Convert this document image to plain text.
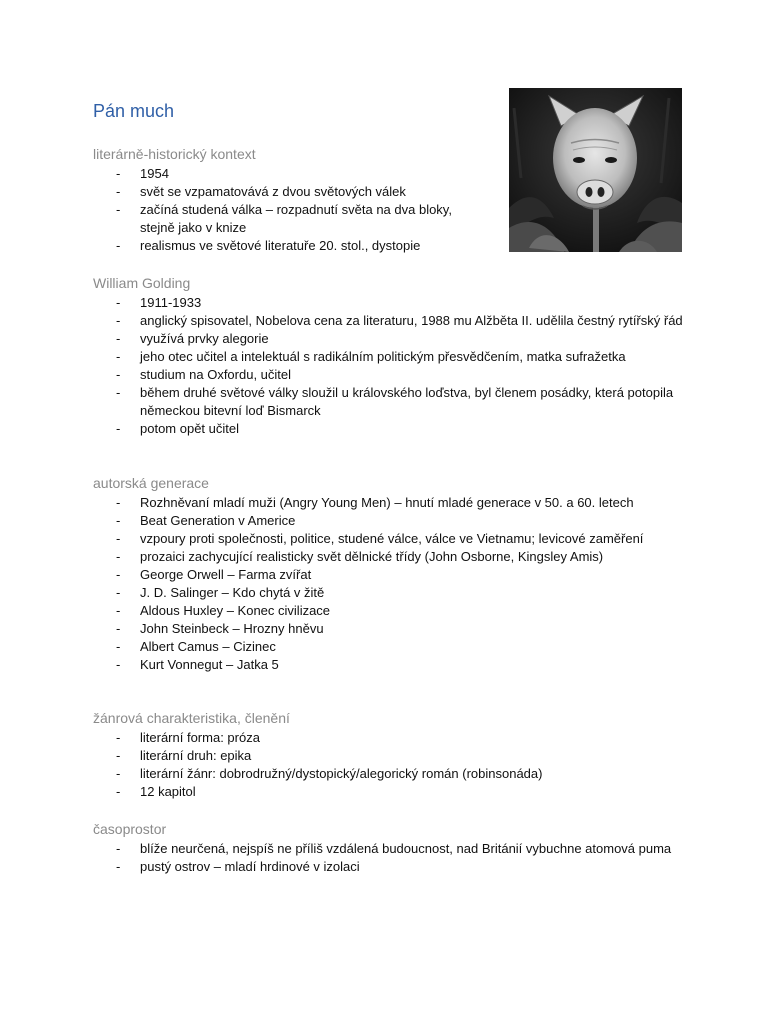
Pán much
literárně-historický kontext
- 1954
- svět se vzpamatovává z dvou světových válek
- začíná studená válka – rozpadnutí světa na dva bloky, stejně jako v knize
- realismus ve světové literatuře 20. stol., dystopie
William Golding
- 1911-1933
- anglický spisovatel, Nobelova cena za literaturu, 1988 mu Alžběta II. udělila čestný rytířský řád
- využívá prvky alegorie
- jeho otec učitel a intelektuál s radikálním politickým přesvědčením, matka sufražetka
- studium na Oxfordu, učitel
- během druhé světové války sloužil u královského loďstva, byl členem posádky, která potopila německou bitevní loď Bismarck
- potom opět učitel
autorská generace
- Rozhněvaní mladí muži (Angry Young Men) – hnutí mladé generace v 50. a 60. letech
- Beat Generation v Americe
- vzpoury proti společnosti, politice, studené válce, válce ve Vietnamu; levicové zaměření
- prozaici zachycující realisticky svět dělnické třídy (John Osborne, Kingsley Amis)
- George Orwell – Farma zvířat
- J. D. Salinger – Kdo chytá v žitě
- Aldous Huxley – Konec civilizace
- John Steinbeck – Hrozny hněvu
- Albert Camus – Cizinec
- Kurt Vonnegut – Jatka 5
žánrová charakteristika, členění
- literární forma: próza
- literární druh: epika
- literární žánr: dobrodružný/dystopický/alegorický román (robinsonáda)
- 12 kapitol
časoprostor
- blíže neurčená, nejspíš ne příliš vzdálená budoucnost, nad Británií vybuchne atomová puma
- pustý ostrov – mladí hrdinové v izolaci
